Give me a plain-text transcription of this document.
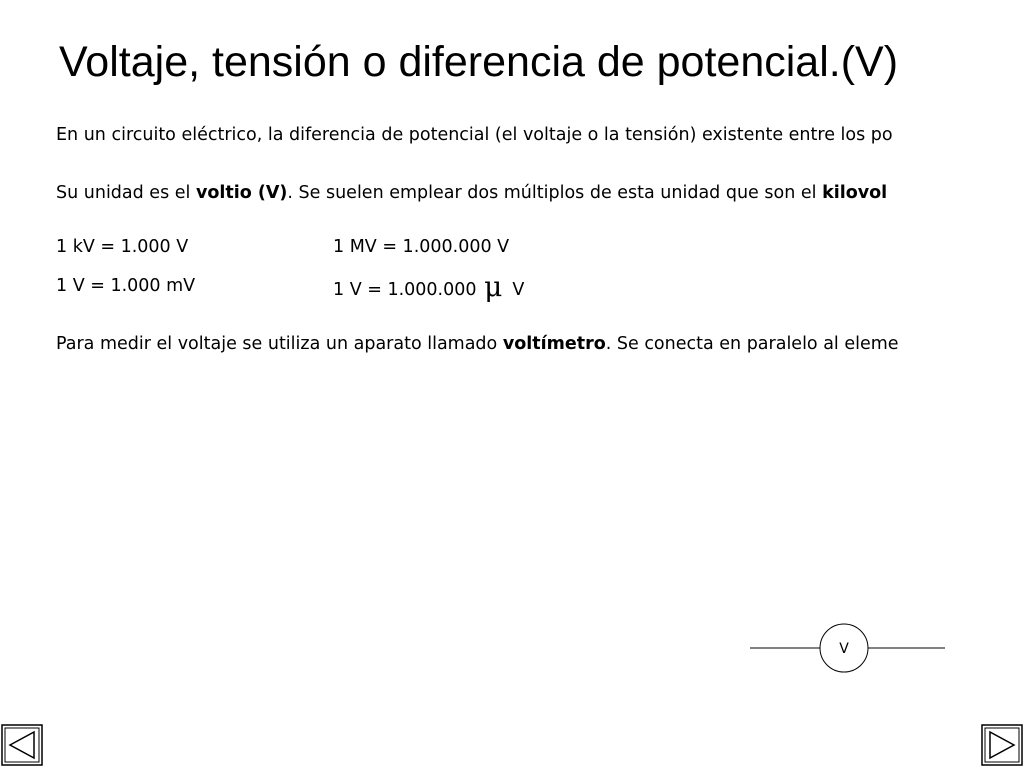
Voltaje, tensión o diferencia de potencial.(V)
En un circuito eléctrico, la diferencia de potencial (el voltaje o la tensión) existente entre los po
Su unidad es el voltio (V). Se suelen emplear dos múltiplos de esta unidad que son el kilovol
1 kV = 1.000 V	1 MV = 1.000.000 V
1 V = 1.000 mV	1 V = 1.000.000 μ V
Para medir el voltaje se utiliza un aparato llamado voltímetro. Se conecta en paralelo al eleme
V
